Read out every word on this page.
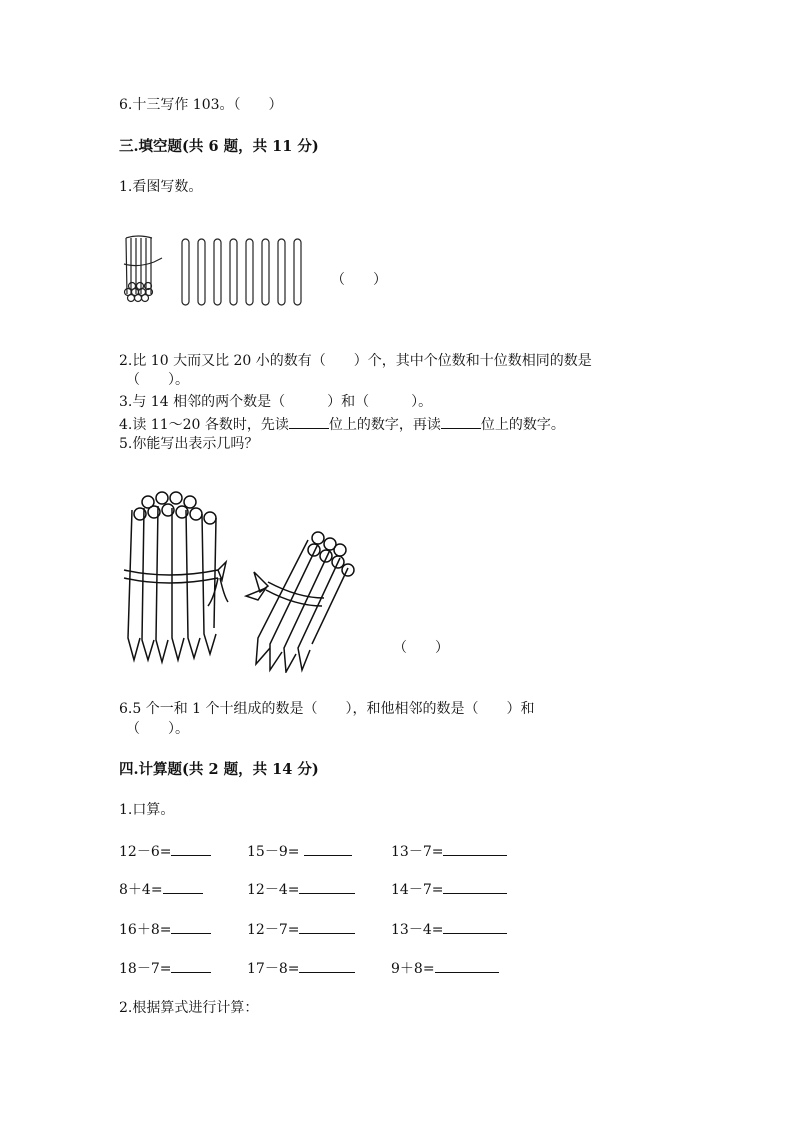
6.十三写作 103。（　　）
三.填空题(共 6 题，共 11 分)
1.看图写数。
（　　）
2.比 10 大而又比 20 小的数有（　　）个，其中个位数和十位数相同的数是
（　　）。
3.与 14 相邻的两个数是（　　　）和（　　　）。
4.读 11～20 各数时，先读	位上的数字，再读	位上的数字。
5.你能写出表示几吗？
（　　）
6.5 个一和 1 个十组成的数是（　　），和他相邻的数是（　　）和
（　　）。
四.计算题(共 2 题，共 14 分)
1.口算。
12－6=	15－9=	13－7=
8＋4=	12－4=	14－7=
16＋8=	12－7=	13－4=
18－7=	17－8=	9＋8=
2.根据算式进行计算：
